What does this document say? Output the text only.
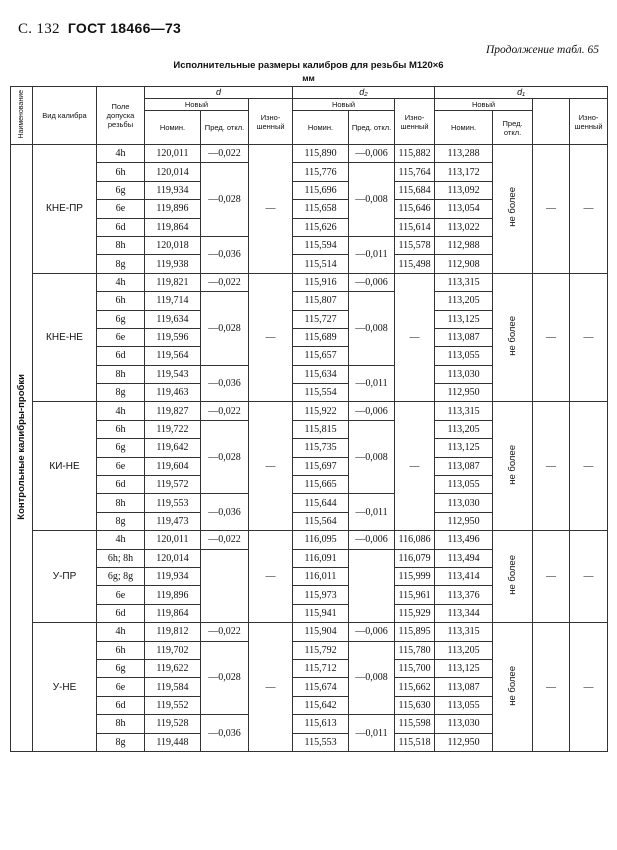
С. 132 ГОСТ 18466—73
Продолжение табл. 65
Исполнительные размеры калибров для резьбы М120×6
мм
Наименование	Вид калибра	Поле допуска резьбы	d			d₂			d₁			
			Новый		Изно-шенный	Новый		Изно-шенный	Новый			Изно-шенный
			Номин.	Пред. откл.		Номин.	Пред. откл.		Номин.	Пред. откл.		
Контрольные калибры-пробки	КНЕ-ПР	4h	120,011	—0,022	—	115,890	—0,006	115,882	113,288	не более	—	—
		6h	120,014	—0,028		115,776	—0,008	115,764	113,172			
		6g	119,934			115,696		115,684	113,092			
		6e	119,896			115,658		115,646	113,054			
		6d	119,864			115,626		115,614	113,022			
		8h	120,018	—0,036		115,594	—0,011	115,578	112,988			
		8g	119,938			115,514		115,498	112,908			
	КНЕ-НЕ	4h	119,821	—0,022	—	115,916	—0,006	—	113,315	не более	—	—
		6h	119,714	—0,028		115,807	—0,008		113,205			
		6g	119,634			115,727			113,125			
		6e	119,596			115,689			113,087			
		6d	119,564			115,657			113,055			
		8h	119,543	—0,036		115,634	—0,011		113,030			
		8g	119,463			115,554			112,950			
	КИ-НЕ	4h	119,827	—0,022	—	115,922	—0,006	—	113,315	не более	—	—
		6h	119,722	—0,028		115,815	—0,008		113,205			
		6g	119,642			115,735			113,125			
		6e	119,604			115,697			113,087			
		6d	119,572			115,665			113,055			
		8h	119,553	—0,036		115,644	—0,011		113,030			
		8g	119,473			115,564			112,950			
	У-ПР	4h	120,011	—0,022	—	116,095	—0,006	116,086	113,496	не более	—	—
		6h; 8h	120,014			116,091		116,079	113,494			
		6g; 8g	119,934			116,011		115,999	113,414			
		6e	119,896			115,973		115,961	113,376			
		6d	119,864			115,941		115,929	113,344			
	У-НЕ	4h	119,812	—0,022	—	115,904	—0,006	115,895	113,315	не более	—	—
		6h	119,702	—0,028		115,792	—0,008	115,780	113,205			
		6g	119,622			115,712		115,700	113,125			
		6e	119,584			115,674		115,662	113,087			
		6d	119,552			115,642		115,630	113,055			
		8h	119,528	—0,036		115,613	—0,011	115,598	113,030			
		8g	119,448			115,553		115,518	112,950			
